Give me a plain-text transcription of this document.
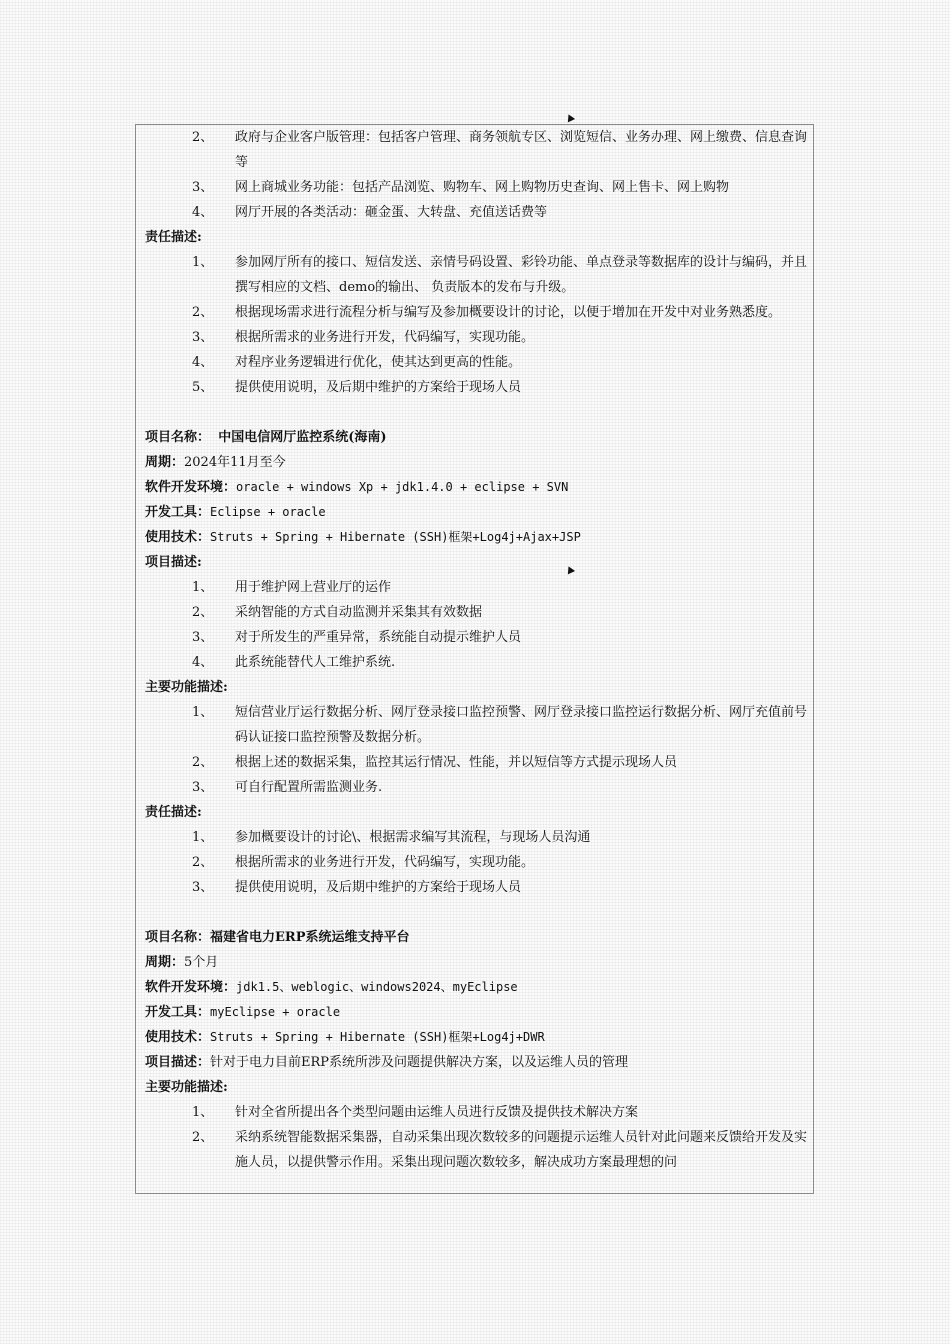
2、	政府与企业客户版管理：包括客户管理、商务领航专区、浏览短信、业务办理、网上缴费、信息查询等
3、	网上商城业务功能：包括产品浏览、购物车、网上购物历史查询、网上售卡、网上购物
4、	网厅开展的各类活动：砸金蛋、大转盘、充值送话费等
责任描述:
1、	参加网厅所有的接口、短信发送、亲情号码设置、彩铃功能、单点登录等数据库的设计与编码，并且撰写相应的文档、demo的输出、 负责版本的发布与升级。
2、	根据现场需求进行流程分析与编写及参加概要设计的讨论，以便于增加在开发中对业务熟悉度。
3、	根据所需求的业务进行开发，代码编写，实现功能。
4、	对程序业务逻辑进行优化，使其达到更高的性能。
5、	提供使用说明，及后期中维护的方案给于现场人员
项目名称： 中国电信网厅监控系统(海南)
周期：2024年11月至今
软件开发环境：oracle + windows Xp + jdk1.4.0 + eclipse + SVN
开发工具：Eclipse + oracle
使用技术：Struts + Spring + Hibernate (SSH)框架+Log4j+Ajax+JSP
项目描述:
1、	用于维护网上营业厅的运作
2、	采纳智能的方式自动监测并采集其有效数据
3、	对于所发生的严重异常，系统能自动提示维护人员
4、	此系统能替代人工维护系统.
主要功能描述:
1、	短信营业厅运行数据分析、网厅登录接口监控预警、网厅登录接口监控运行数据分析、网厅充值前号码认证接口监控预警及数据分析。
2、	根据上述的数据采集，监控其运行情况、性能，并以短信等方式提示现场人员
3、	可自行配置所需监测业务.
责任描述:
1、	参加概要设计的讨论\、根据需求编写其流程，与现场人员沟通
2、	根据所需求的业务进行开发，代码编写，实现功能。
3、	提供使用说明，及后期中维护的方案给于现场人员
项目名称：福建省电力ERP系统运维支持平台
周期：5个月
软件开发环境：jdk1.5、weblogic、windows2024、myEclipse
开发工具：myEclipse + oracle
使用技术：Struts + Spring + Hibernate (SSH)框架+Log4j+DWR
项目描述：针对于电力目前ERP系统所涉及问题提供解决方案，以及运维人员的管理
主要功能描述:
1、	针对全省所提出各个类型问题由运维人员进行反馈及提供技术解决方案
2、	采纳系统智能数据采集器，自动采集出现次数较多的问题提示运维人员针对此问题来反馈给开发及实施人员，以提供警示作用。采集出现问题次数较多，解决成功方案最理想的问
